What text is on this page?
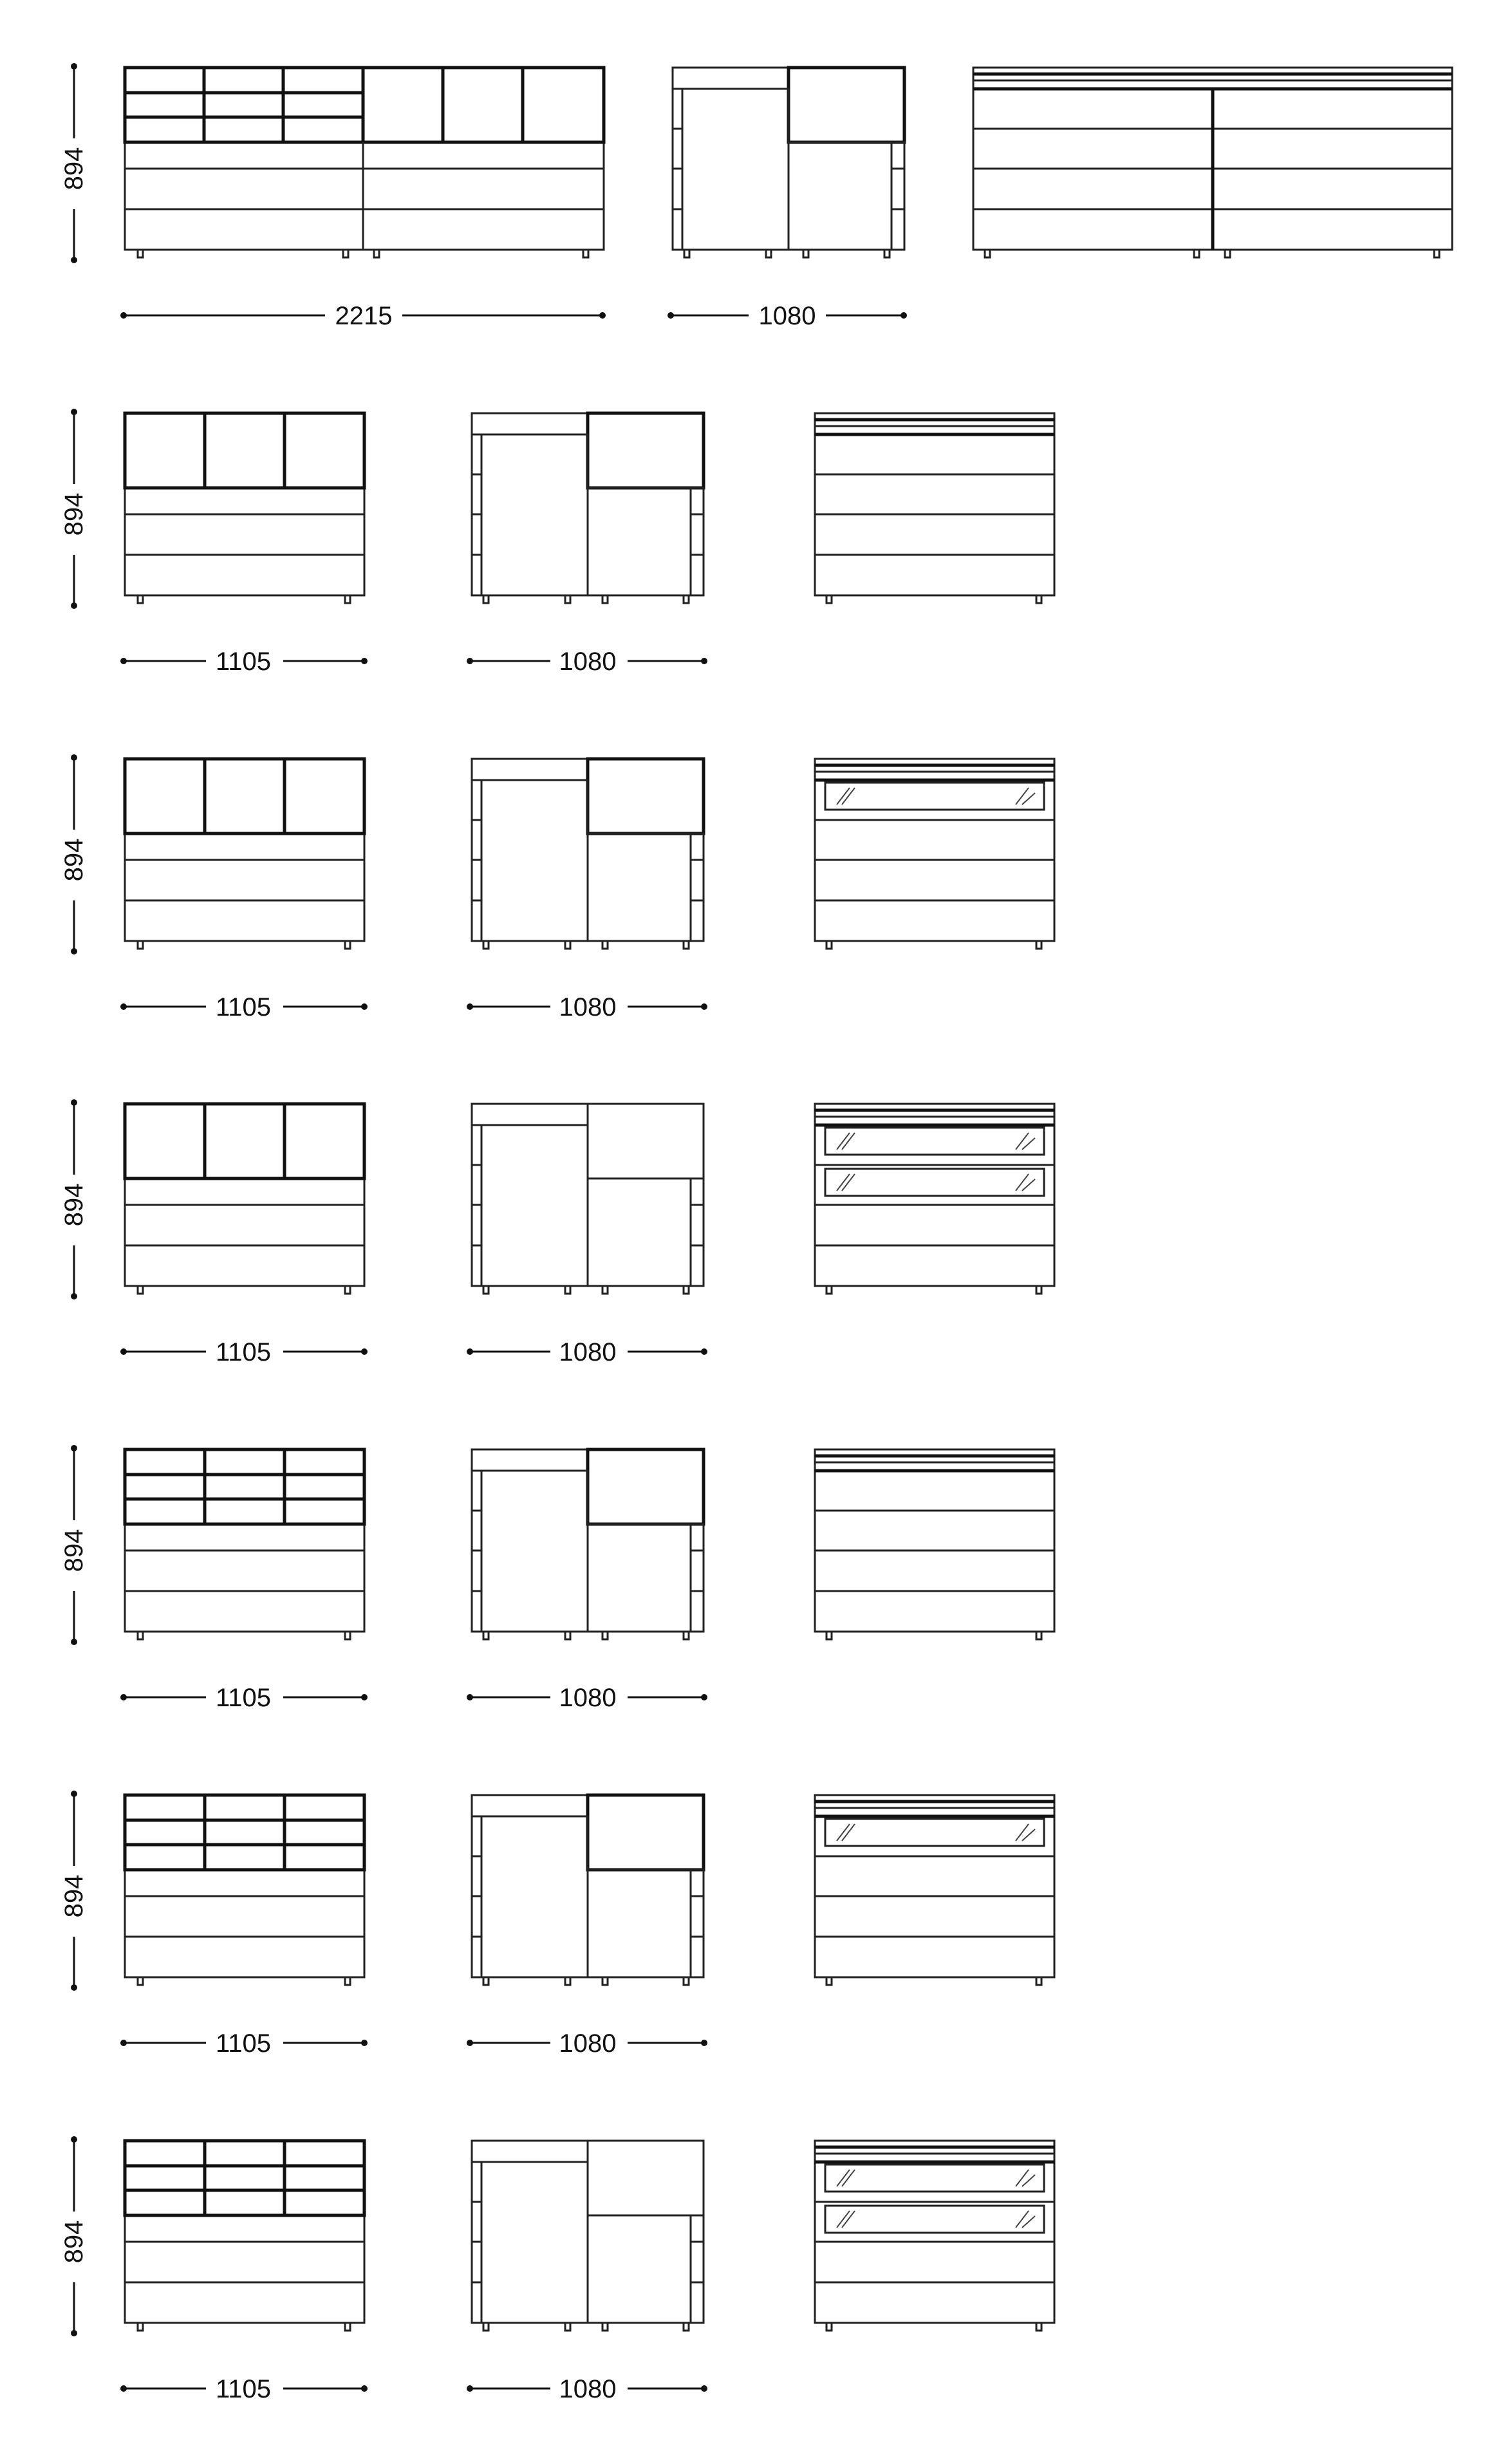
894
2215	1080
894
1105	1080
894
1105	1080
894
1105	1080
894
1105	1080
894
1105	1080
894
1105	1080
